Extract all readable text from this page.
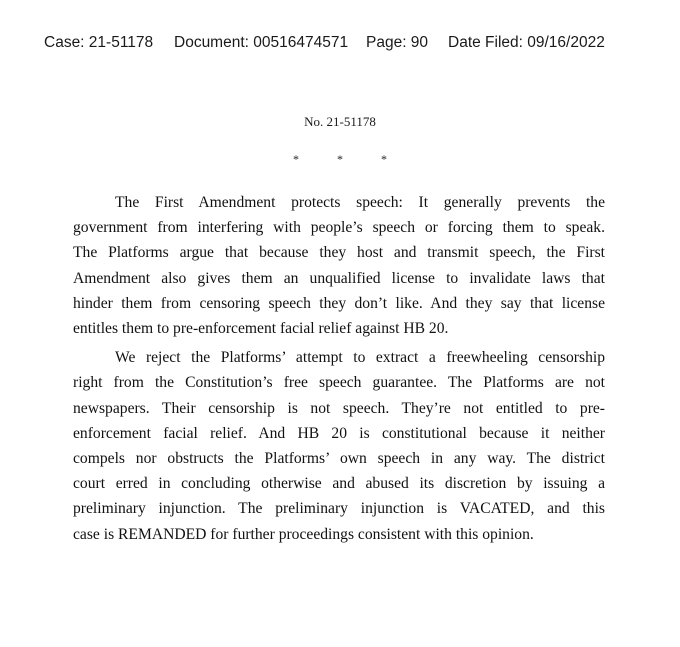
Case: 21-51178 Document: 00516474571 Page: 90 Date Filed: 09/16/2022
No. 21-51178
*	*	*
The First Amendment protects speech: It generally prevents the
government from interfering with people’s speech or forcing them to speak.
The Platforms argue that because they host and transmit speech, the First
Amendment also gives them an unqualified license to invalidate laws that
hinder them from censoring speech they don’t like. And they say that license
entitles them to pre-enforcement facial relief against HB 20.
We reject the Platforms’ attempt to extract a freewheeling censorship
right from the Constitution’s free speech guarantee. The Platforms are not
newspapers. Their censorship is not speech. They’re not entitled to pre-
enforcement facial relief. And HB 20 is constitutional because it neither
compels nor obstructs the Platforms’ own speech in any way. The district
court erred in concluding otherwise and abused its discretion by issuing a
preliminary injunction. The preliminary injunction is VACATED, and this
case is REMANDED for further proceedings consistent with this opinion.
